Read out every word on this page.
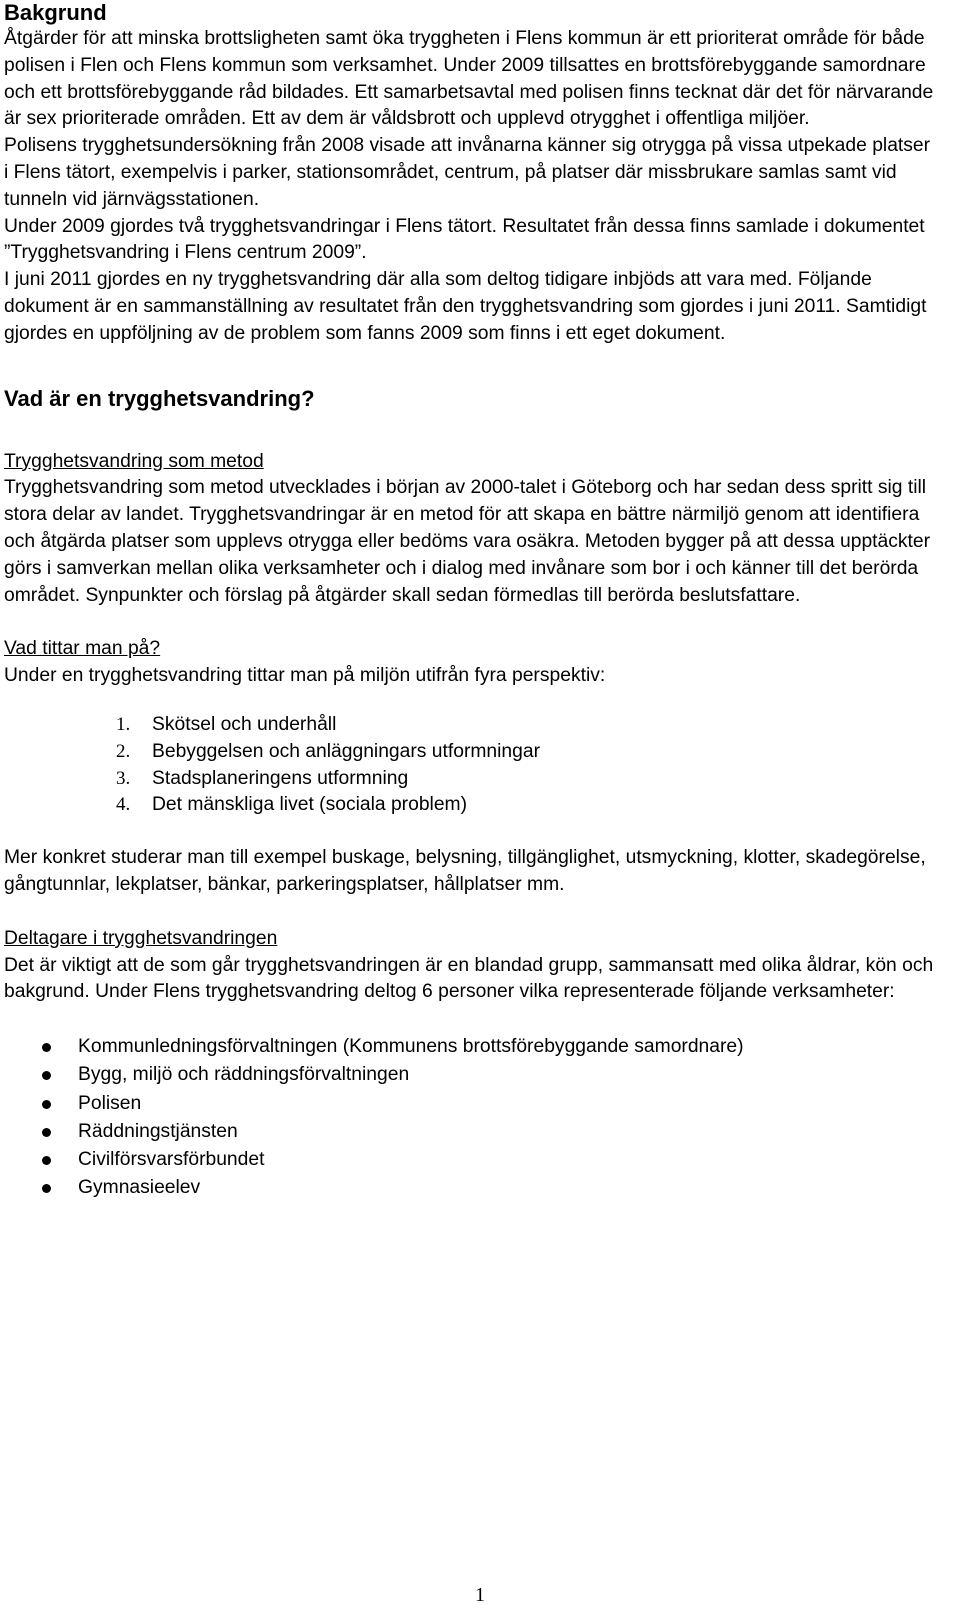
Bakgrund

Åtgärder för att minska brottsligheten samt öka tryggheten i Flens kommun är ett prioriterat område för både polisen i Flen och Flens kommun som verksamhet. Under 2009 tillsattes en brottsförebyggande samordnare och ett brottsförebyggande råd bildades. Ett samarbetsavtal med polisen finns tecknat där det för närvarande är sex prioriterade områden. Ett av dem är våldsbrott och upplevd otrygghet i offentliga miljöer.

Polisens trygghetsundersökning från 2008 visade att invånarna känner sig otrygga på vissa utpekade platser i Flens tätort, exempelvis i parker, stationsområdet, centrum, på platser där missbrukare samlas samt vid tunneln vid järnvägsstationen.

Under 2009 gjordes två trygghetsvandringar i Flens tätort. Resultatet från dessa finns samlade i dokumentet ”Trygghetsvandring i Flens centrum 2009”.

I juni 2011 gjordes en ny trygghetsvandring där alla som deltog tidigare inbjöds att vara med. Följande dokument är en sammanställning av resultatet från den trygghetsvandring som gjordes i juni 2011. Samtidigt gjordes en uppföljning av de problem som fanns 2009 som finns i ett eget dokument.

Vad är en trygghetsvandring?

Trygghetsvandring som metod

Trygghetsvandring som metod utvecklades i början av 2000-talet i Göteborg och har sedan dess spritt sig till stora delar av landet. Trygghetsvandringar är en metod för att skapa en bättre närmiljö genom att identifiera och åtgärda platser som upplevs otrygga eller bedöms vara osäkra. Metoden bygger på att dessa upptäckter görs i samverkan mellan olika verksamheter och i dialog med invånare som bor i och känner till det berörda området. Synpunkter och förslag på åtgärder skall sedan förmedlas till berörda beslutsfattare.

Vad tittar man på?

Under en trygghetsvandring tittar man på miljön utifrån fyra perspektiv:

1. Skötsel och underhåll
2. Bebyggelsen och anläggningars utformningar
3. Stadsplaneringens utformning
4. Det mänskliga livet (sociala problem)

Mer konkret studerar man till exempel buskage, belysning, tillgänglighet, utsmyckning, klotter, skadegörelse, gångtunnlar, lekplatser, bänkar, parkeringsplatser, hållplatser mm.

Deltagare i trygghetsvandringen

Det är viktigt att de som går trygghetsvandringen är en blandad grupp, sammansatt med olika åldrar, kön och bakgrund. Under Flens trygghetsvandring deltog 6 personer vilka representerade följande verksamheter:

Kommunledningsförvaltningen (Kommunens brottsförebyggande samordnare)
Bygg, miljö och räddningsförvaltningen
Polisen
Räddningstjänsten
Civilförsvarsförbundet
Gymnasieelev
1
